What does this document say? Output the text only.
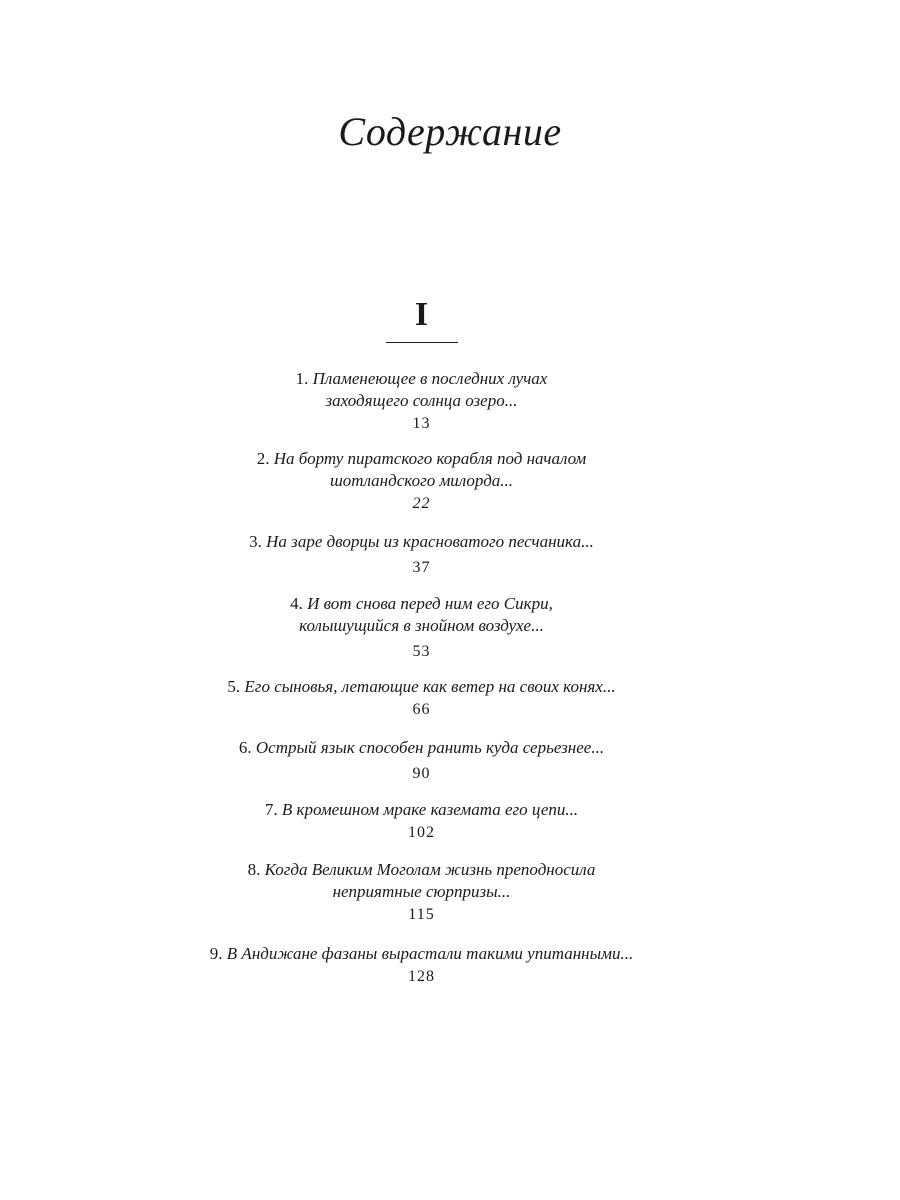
Содержание
I
1. Пламенеющее в последних лучах
заходящего солнца озеро...
13
2. На борту пиратского корабля под началом
шотландского милорда...
22
3. На заре дворцы из красноватого песчаника...
37
4. И вот снова перед ним его Сикри,
колышущийся в знойном воздухе...
53
5. Его сыновья, летающие как ветер на своих конях...
66
6. Острый язык способен ранить куда серьезнее...
90
7. В кромешном мраке каземата его цепи...
102
8. Когда Великим Моголам жизнь преподносила
неприятные сюрпризы...
115
9. В Андижане фазаны вырастали такими упитанными...
128
